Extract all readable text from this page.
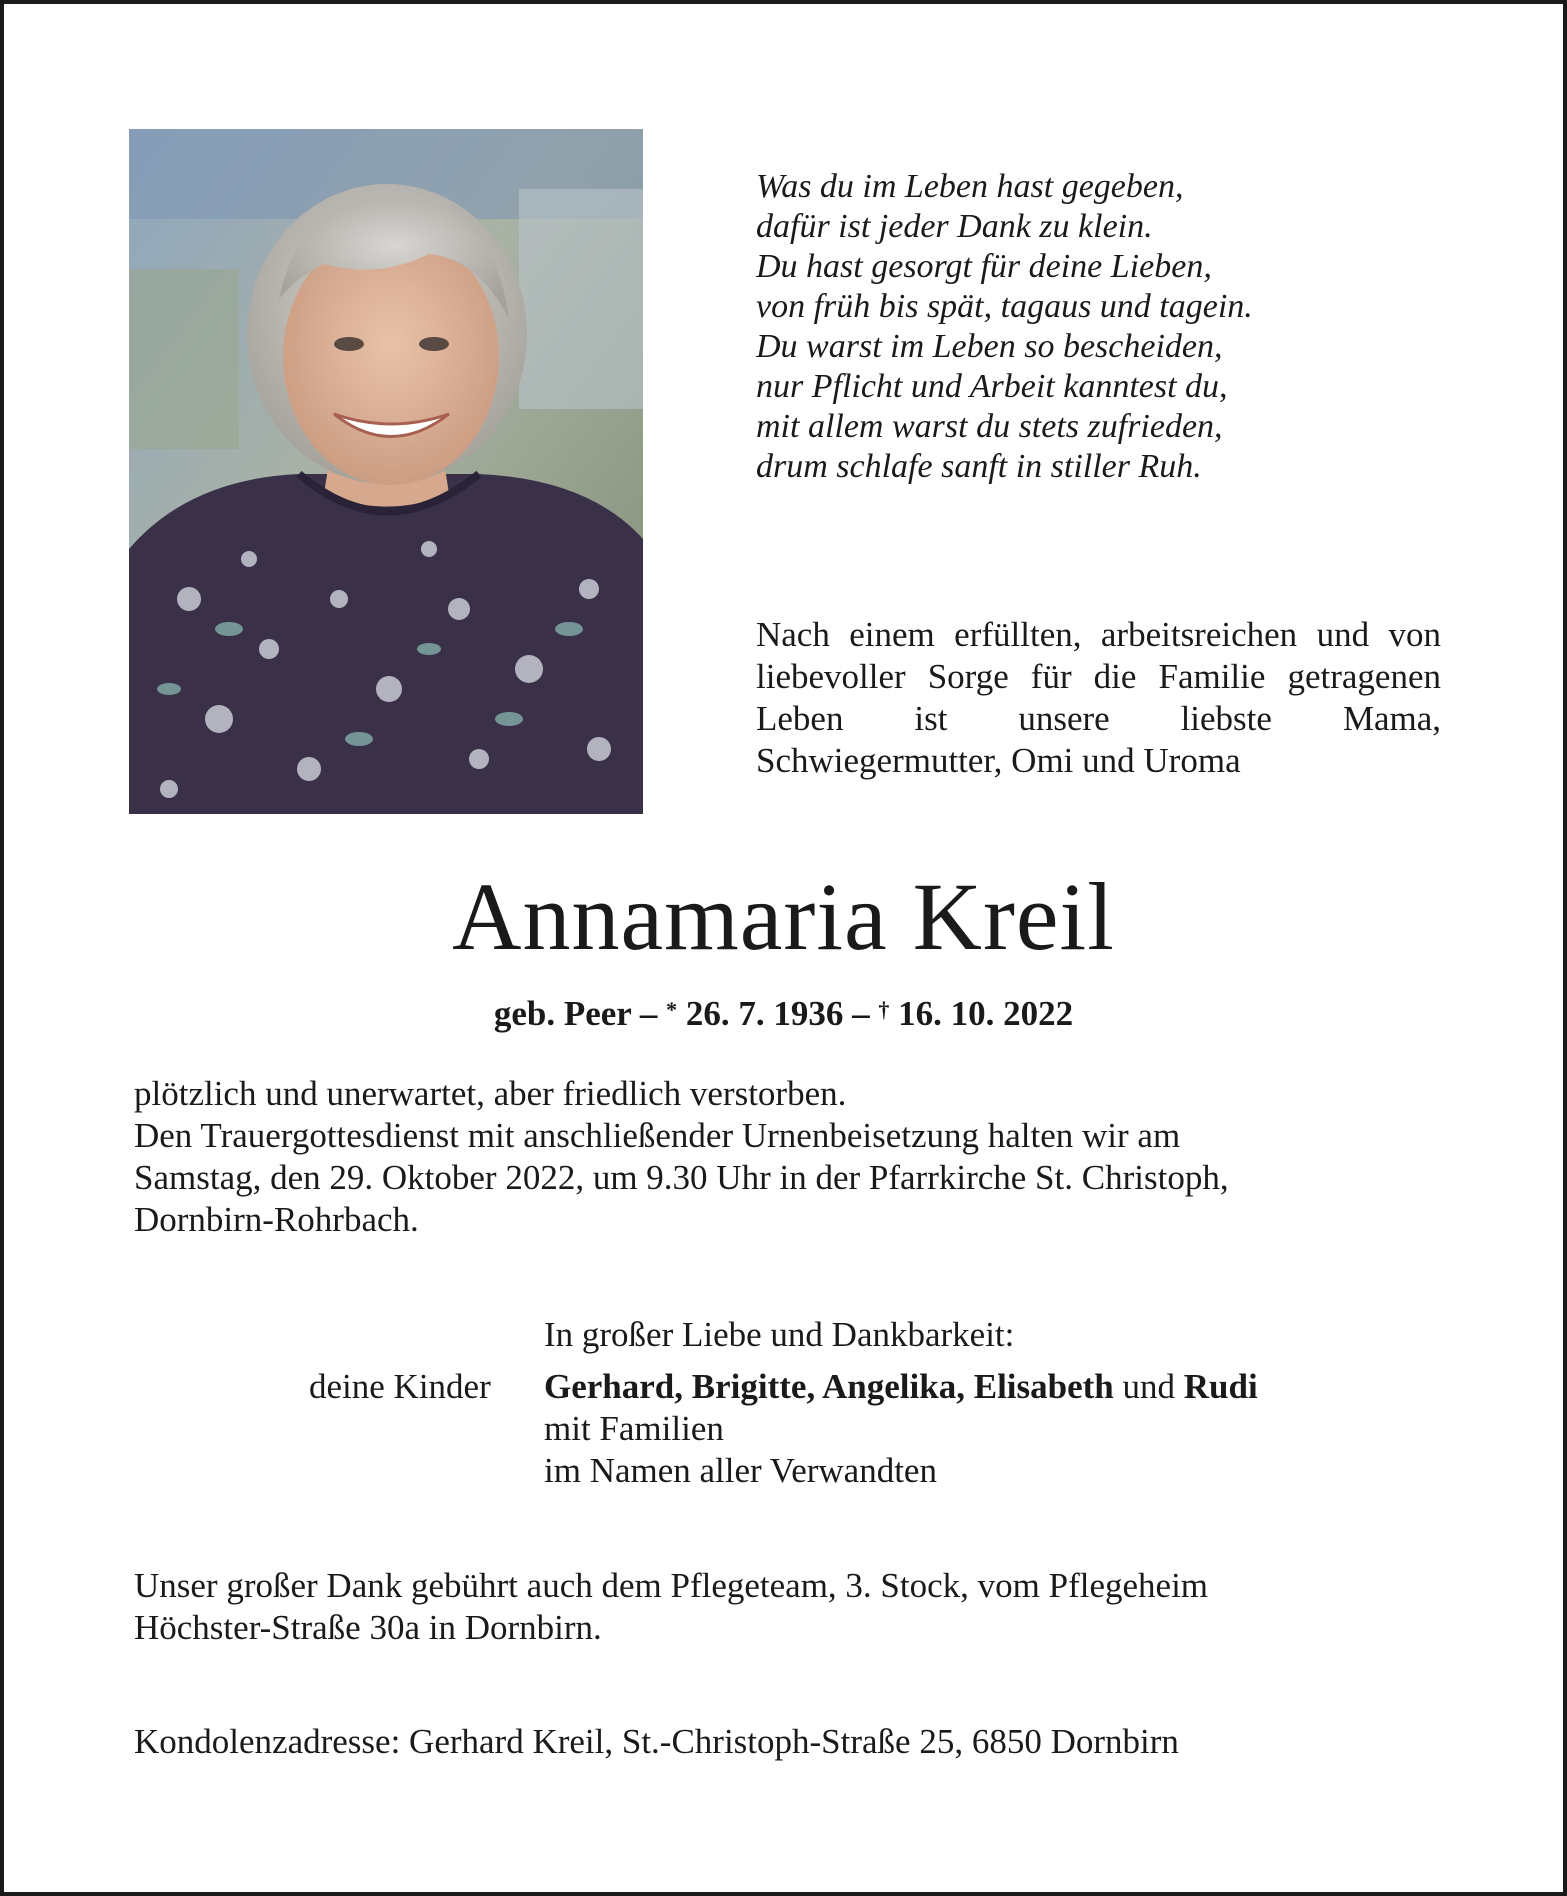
Was du im Leben hast gegeben,
dafür ist jeder Dank zu klein.
Du hast gesorgt für deine Lieben,
von früh bis spät, tagaus und tagein.
Du warst im Leben so bescheiden,
nur Pflicht und Arbeit kanntest du,
mit allem warst du stets zufrieden,
drum schlafe sanft in stiller Ruh.
Nach einem erfüllten, arbeitsreichen und von liebevoller Sorge für die Familie getragenen Leben ist unsere liebste Mama, Schwiegermutter, Omi und Uroma
Annamaria Kreil
geb. Peer – * 26. 7. 1936 – † 16. 10. 2022
plötzlich und unerwartet, aber friedlich verstorben.
Den Trauergottesdienst mit anschließender Urnenbeisetzung halten wir am
Samstag, den 29. Oktober 2022, um 9.30 Uhr in der Pfarrkirche St. Christoph,
Dornbirn-Rohrbach.
In großer Liebe und Dankbarkeit:
deine Kinder Gerhard, Brigitte, Angelika, Elisabeth und Rudi
mit Familien
im Namen aller Verwandten
Unser großer Dank gebührt auch dem Pflegeteam, 3. Stock, vom Pflegeheim
Höchster-Straße 30a in Dornbirn.
Kondolenzadresse: Gerhard Kreil, St.-Christoph-Straße 25, 6850 Dornbirn
